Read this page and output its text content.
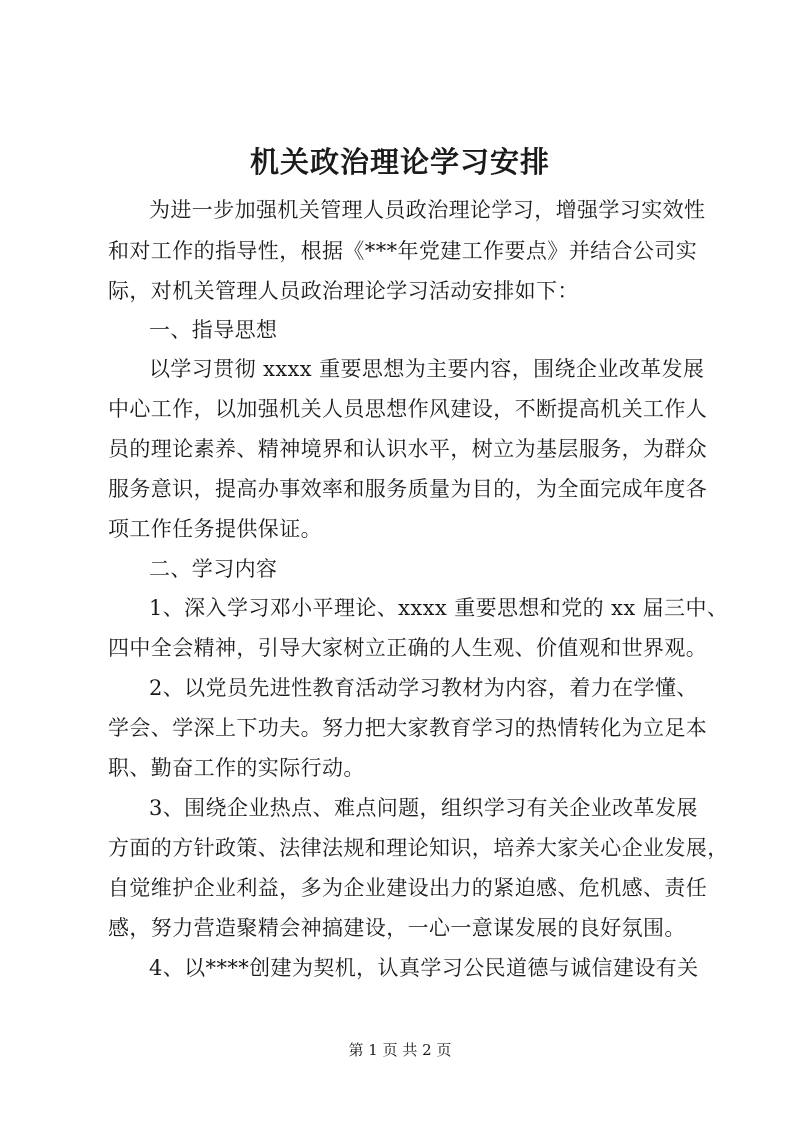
机关政治理论学习安排
为进一步加强机关管理人员政治理论学习，增强学习实效性
和对工作的指导性，根据《***年党建工作要点》并结合公司实
际，对机关管理人员政治理论学习活动安排如下：
一、指导思想
以学习贯彻 xxxx 重要思想为主要内容，围绕企业改革发展
中心工作，以加强机关人员思想作风建设，不断提高机关工作人
员的理论素养、精神境界和认识水平，树立为基层服务，为群众
服务意识，提高办事效率和服务质量为目的，为全面完成年度各
项工作任务提供保证。
二、学习内容
1、深入学习邓小平理论、xxxx 重要思想和党的 xx 届三中、
四中全会精神，引导大家树立正确的人生观、价值观和世界观。
2、以党员先进性教育活动学习教材为内容，着力在学懂、
学会、学深上下功夫。努力把大家教育学习的热情转化为立足本
职、勤奋工作的实际行动。
3、围绕企业热点、难点问题，组织学习有关企业改革发展
方面的方针政策、法律法规和理论知识，培养大家关心企业发展，
自觉维护企业利益，多为企业建设出力的紧迫感、危机感、责任
感，努力营造聚精会神搞建设，一心一意谋发展的良好氛围。
4、以****创建为契机，认真学习公民道德与诚信建设有关
第 1 页 共 2 页
